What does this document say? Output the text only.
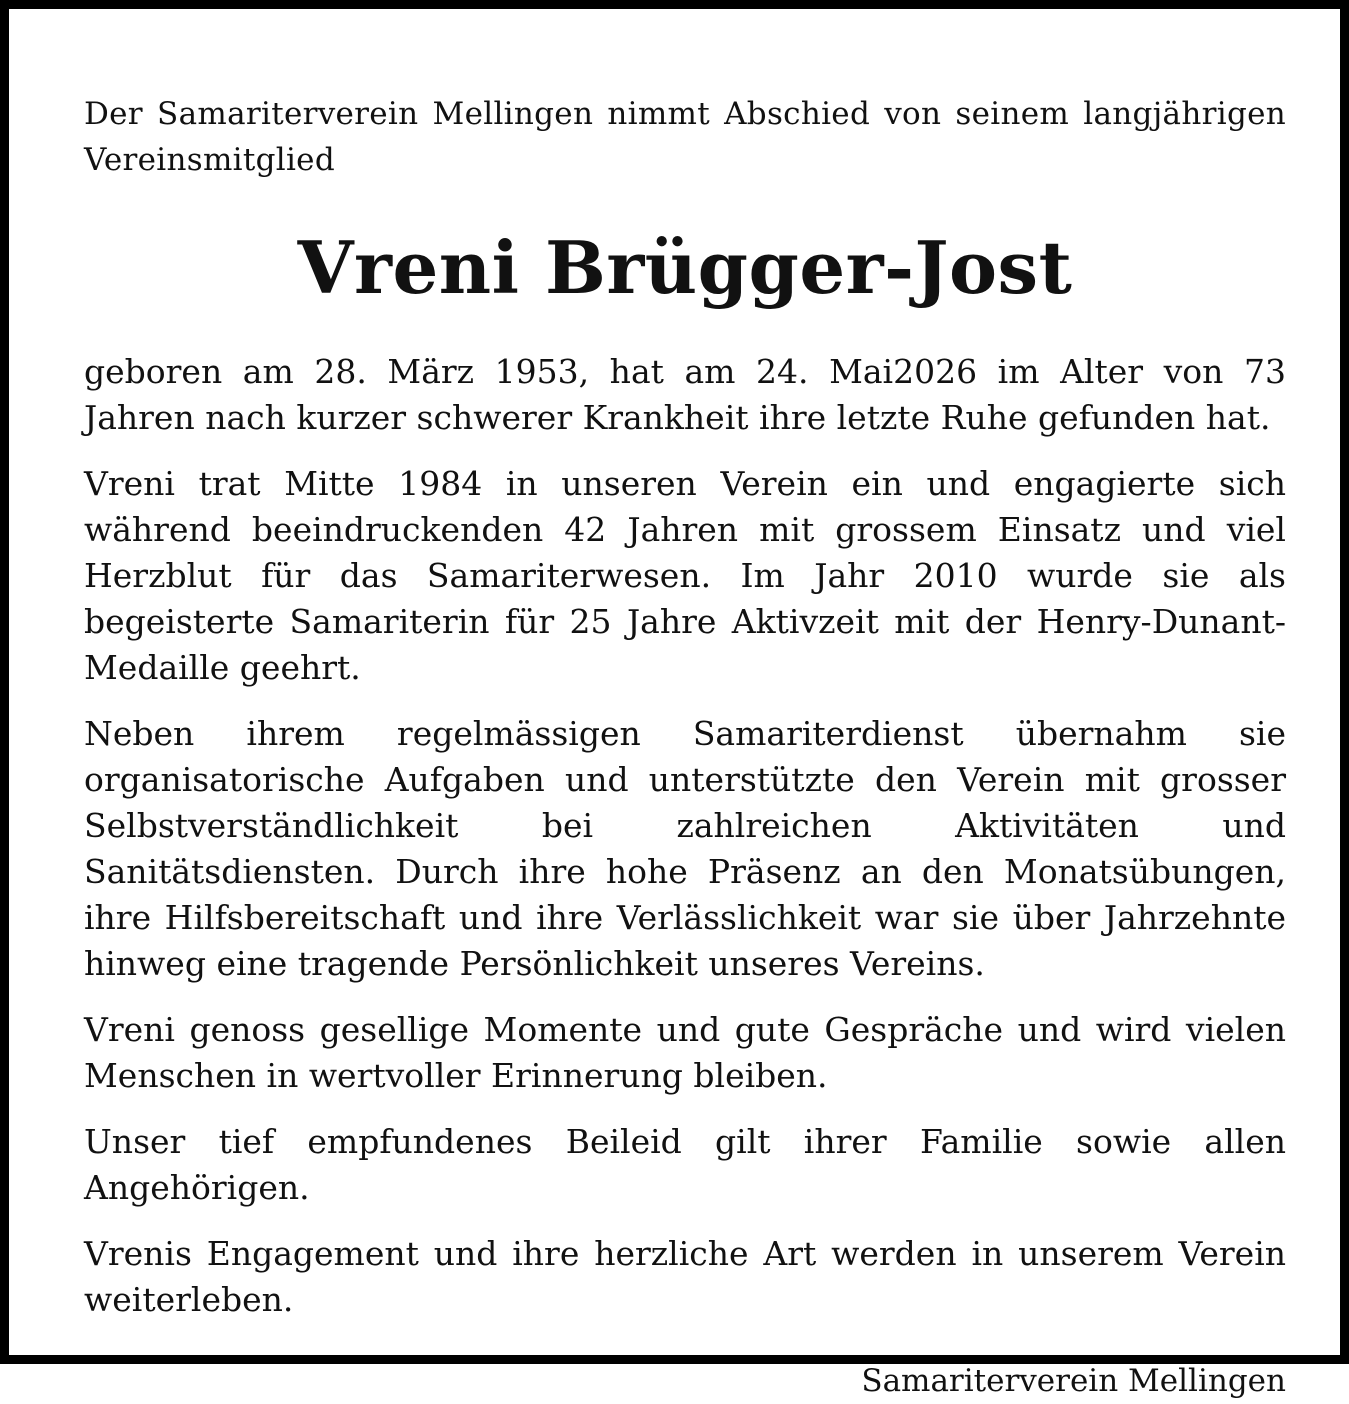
Der Samariterverein Mellingen nimmt Abschied von seinem langjährigen Vereinsmitglied

Vreni Brügger-Jost

geboren am 28. März 1953, hat am 24. Mai2026 im Alter von 73 Jahren nach kurzer schwerer Krankheit ihre letzte Ruhe gefunden hat.

Vreni trat Mitte 1984 in unseren Verein ein und engagierte sich während beeindruckenden 42 Jahren mit grossem Einsatz und viel Herzblut für das Samariterwesen. Im Jahr 2010 wurde sie als begeisterte Samariterin für 25 Jahre Aktivzeit mit der Henry-Dunant-Medaille geehrt.

Neben ihrem regelmässigen Samariterdienst übernahm sie organisatorische Aufgaben und unterstützte den Verein mit grosser Selbstverständlichkeit bei zahlreichen Aktivitäten und Sanitätsdiensten. Durch ihre hohe Präsenz an den Monatsübungen, ihre Hilfsbereitschaft und ihre Verlässlichkeit war sie über Jahrzehnte hinweg eine tragende Persönlichkeit unseres Vereins.

Vreni genoss gesellige Momente und gute Gespräche und wird vielen Menschen in wertvoller Erinnerung bleiben.

Unser tief empfundenes Beileid gilt ihrer Familie sowie allen Angehörigen.

Vrenis Engagement und ihre herzliche Art werden in unserem Verein weiterleben.

Samariterverein Mellingen
